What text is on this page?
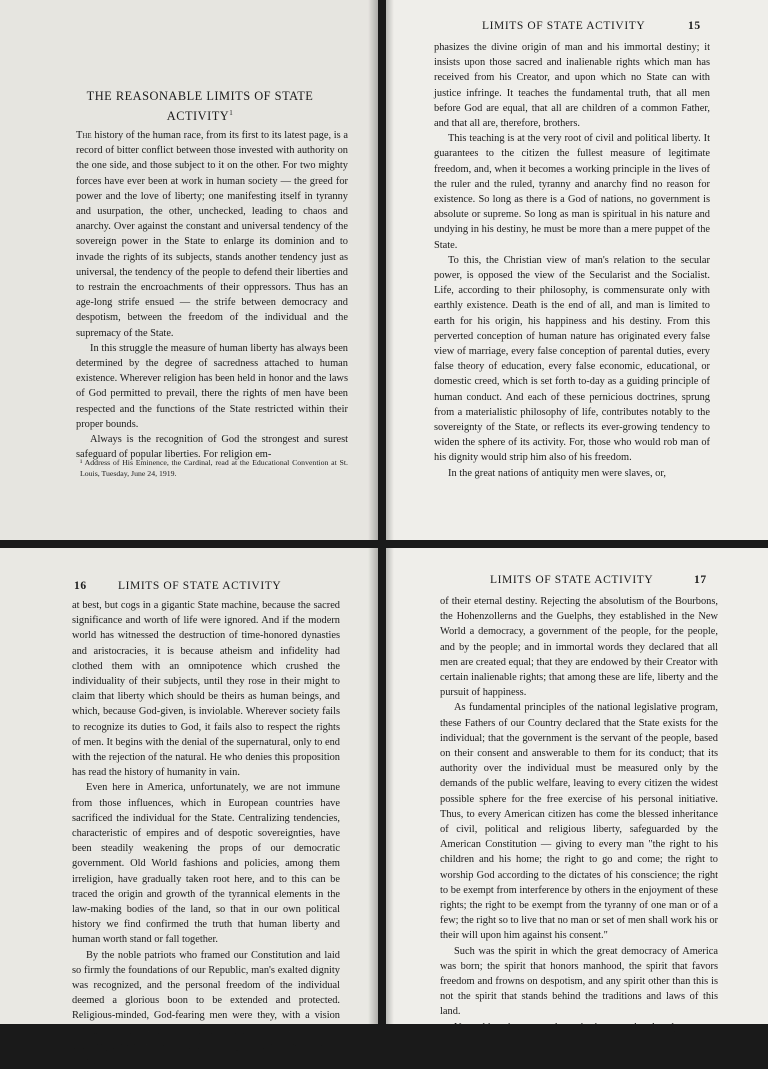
THE REASONABLE LIMITS OF STATE
ACTIVITY$^1$

The history of the human race, from its first to its latest page, is a record of bitter conflict between those invested with authority on the one side, and those subject to it on the other. For two mighty forces have ever been at work in human society — the greed for power and the love of liberty; one manifesting itself in tyranny and usurpation, the other, unchecked, leading to chaos and anarchy. Over against the constant and universal tendency of the sovereign power in the State to enlarge its dominion and to invade the rights of its subjects, stands another tendency just as universal, the tendency of the people to defend their liberties and to restrain the encroachments of their oppressors. Thus has an age-long strife ensued — the strife between democracy and despotism, between the freedom of the individual and the supremacy of the State.

In this struggle the measure of human liberty has always been determined by the degree of sacredness attached to human existence. Wherever religion has been held in honor and the laws of God permitted to prevail, there the rights of men have been respected and the functions of the State restricted within their proper bounds.

Always is the recognition of God the strongest and surest safeguard of popular liberties. For religion em-

¹ Address of His Eminence, the Cardinal, read at the Educational Convention at St. Louis, Tuesday, June 24, 1919.
LIMITS OF STATE ACTIVITY	15

phasizes the divine origin of man and his immortal destiny; it insists upon those sacred and inalienable rights which man has received from his Creator, and upon which no State can with justice infringe. It teaches the fundamental truth, that all men before God are equal, that all are children of a common Father, and that all are, therefore, brothers.

This teaching is at the very root of civil and political liberty. It guarantees to the citizen the fullest measure of legitimate freedom, and, when it becomes a working principle in the lives of the ruler and the ruled, tyranny and anarchy find no reason for existence. So long as there is a God of nations, no government is absolute or supreme. So long as man is spiritual in his nature and undying in his destiny, he must be more than a mere puppet of the State.

To this, the Christian view of man's relation to the secular power, is opposed the view of the Secularist and the Socialist. Life, according to their philosophy, is commensurate only with earthly existence. Death is the end of all, and man is limited to earth for his origin, his happiness and his destiny. From this perverted conception of human nature has originated every false view of marriage, every false conception of parental duties, every false theory of education, every false economic, educational, or domestic creed, which is set forth to-day as a guiding principle of human conduct. And each of these pernicious doctrines, sprung from a materialistic philosophy of life, contributes notably to the sovereignty of the State, or reflects its ever-growing tendency to widen the sphere of its activity. For, those who would rob man of his dignity would strip him also of his freedom.

In the great nations of antiquity men were slaves, or,

16	LIMITS OF STATE ACTIVITY

at best, but cogs in a gigantic State machine, because the sacred significance and worth of life were ignored. And if the modern world has witnessed the destruction of time-honored dynasties and aristocracies, it is because atheism and infidelity had clothed them with an omnipotence which crushed the individuality of their subjects, until they rose in their might to claim that liberty which should be theirs as human beings, and which, because God-given, is inviolable. Wherever society fails to recognize its duties to God, it fails also to respect the rights of men. It begins with the denial of the supernatural, only to end with the rejection of the natural. He who denies this proposition has read the history of humanity in vain.

Even here in America, unfortunately, we are not immune from those influences, which in European countries have sacrificed the individual for the State. Centralizing tendencies, characteristic of empires and of despotic sovereignties, have been steadily weakening the props of our democratic government. Old World fashions and policies, among them irreligion, have gradually taken root here, and to this can be traced the origin and growth of the tyrannical elements in the law-making bodies of the land, so that in our own political history we find confirmed the truth that human liberty and human worth stand or fall together.

By the noble patriots who framed our Constitution and laid so firmly the foundations of our Republic, man's exalted dignity was recognized, and the personal freedom of the individual deemed a glorious boon to be extended and protected. Religious-minded, God-fearing men were they, with a vision not confined to the things of earth; and thus, in making law for the land, they provided for their countrymen the fullest freedom in the working out

LIMITS OF STATE ACTIVITY	17

of their eternal destiny. Rejecting the absolutism of the Bourbons, the Hohenzollerns and the Guelphs, they established in the New World a democracy, a government of the people, for the people, and by the people; and in immortal words they declared that all men are created equal; that they are endowed by their Creator with certain inalienable rights; that among these are life, liberty and the pursuit of happiness.

As fundamental principles of the national legislative program, these Fathers of our Country declared that the State exists for the individual; that the government is the servant of the people, based on their consent and answerable to them for its conduct; that its authority over the individual must be measured only by the demands of the public welfare, leaving to every citizen the widest possible sphere for the free exercise of his personal initiative. Thus, to every American citizen has come the blessed inheritance of civil, political and religious liberty, safeguarded by the American Constitution — giving to every man "the right to his children and his home; the right to go and come; the right to worship God according to the dictates of his conscience; the right to be exempt from interference by others in the enjoyment of these rights; the right to be exempt from the tyranny of one man or of a few; the right so to live that no man or set of men shall work his or their will upon him against his consent."

Such was the spirit in which the great democracy of America was born; the spirit that honors manhood, the spirit that favors freedom and frowns on despotism, and any spirit other than this is not the spirit that stands behind the traditions and laws of this land.

Upon this point too much emphasis cannot be placed,
